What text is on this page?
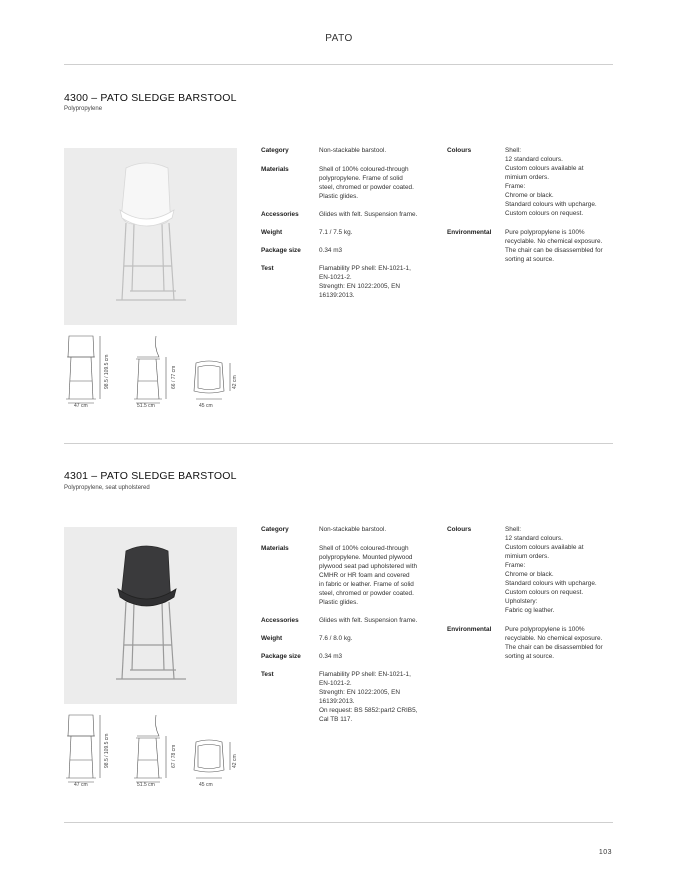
PATO
4300 – PATO SLEDGE BARSTOOL
Polypropylene
Category	Non-stackable barstool.
Materials	Shell of 100% coloured-through
polypropylene. Frame of solid
steel, chromed or powder coated.
Plastic glides.
Accessories	Glides with felt. Suspension frame.
Weight	7.1 / 7.5 kg.
Package size	0.34 m3
Test	Flamability PP shell: EN-1021-1,
EN-1021-2.
Strength: EN 1022:2005, EN
16139:2013.
Colours	Shell:
12 standard colours.
Custom colours available at
mimium orders.
Frame:
Chrome or black.
Standard colours with upcharge.
Custom colours on request.
Environmental Pure polypropylene is 100%
recyclable. No chemical exposure.
The chair can be disassembled for
sorting at source.
47 cm
98.5 / 109.5 cm
51.5 cm
66 / 77 cm
45 cm
42 cm
4301 – PATO SLEDGE BARSTOOL
Polypropylene, seat upholstered
Category	Non-stackable barstool.
Materials	Shell of 100% coloured-through
polypropylene. Mounted plywood
plywood seat pad upholstered with
CMHR or HR foam and covered
in fabric or leather. Frame of solid
steel, chromed or powder coated.
Plastic glides.
Accessories	Glides with felt. Suspension frame.
Weight	7.6 / 8.0 kg.
Package size	0.34 m3
Test	Flamability PP shell: EN-1021-1,
EN-1021-2.
Strength: EN 1022:2005, EN
16139:2013.
On request: BS 5852:part2 CRIB5,
Cal TB 117.
Colours	Shell:
12 standard colours.
Custom colours available at
mimium orders.
Frame:
Chrome or black.
Standard colours with upcharge.
Custom colours on request.
Upholstery:
Fabric og leather.
Environmental Pure polypropylene is 100%
recyclable. No chemical exposure.
The chair can be disassembled for
sorting at source.
47 cm
98.5 / 109.5 cm
51.5 cm
67 / 78 cm
45 cm
42 cm
103
